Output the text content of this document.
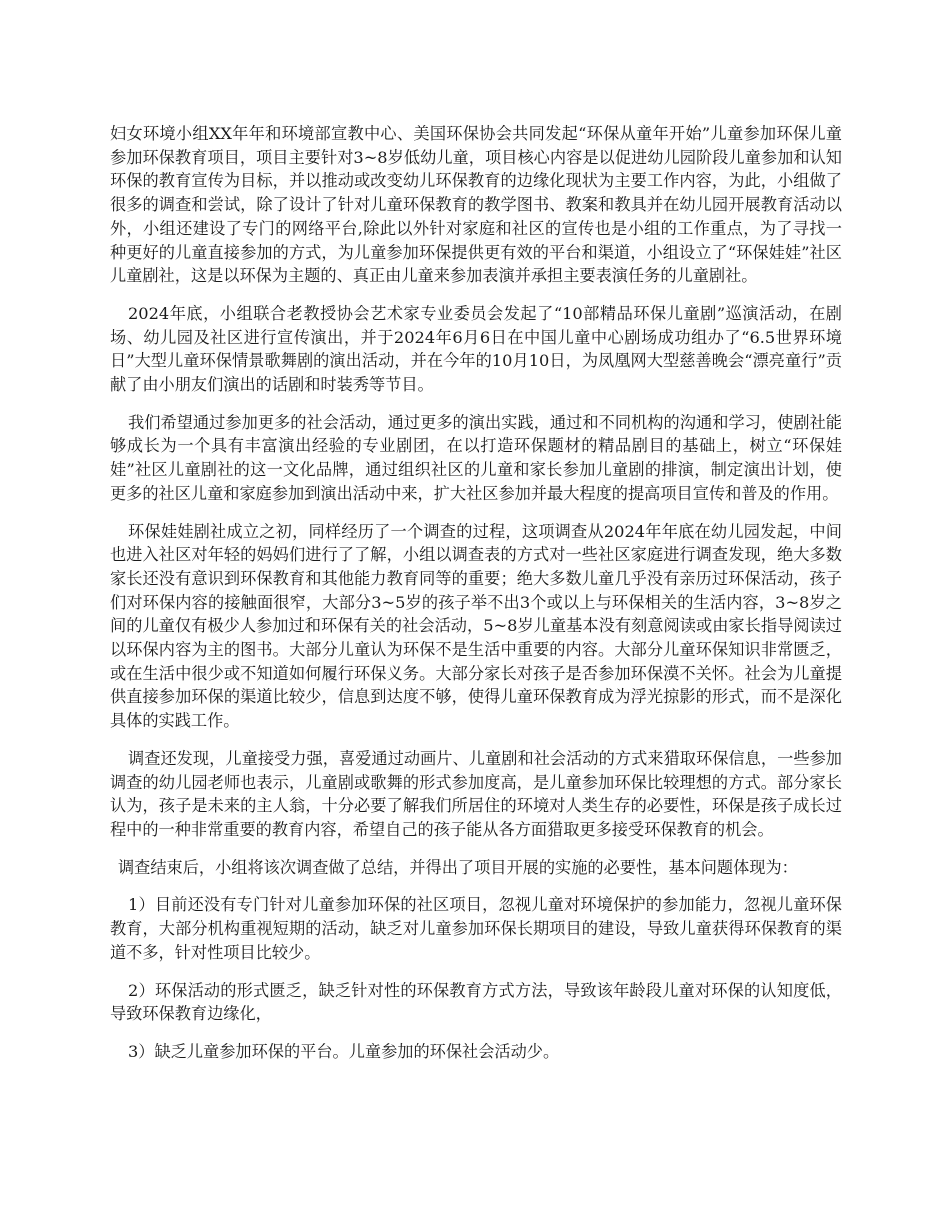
妇女环境小组XX年年和环境部宣教中心、美国环保协会共同发起“环保从童年开始”儿童参加环保儿童参加环保教育项目，项目主要针对3~8岁低幼儿童，项目核心内容是以促进幼儿园阶段儿童参加和认知环保的教育宣传为目标，并以推动或改变幼儿环保教育的边缘化现状为主要工作内容，为此，小组做了很多的调查和尝试，除了设计了针对儿童环保教育的教学图书、教案和教具并在幼儿园开展教育活动以外，小组还建设了专门的网络平台,除此以外针对家庭和社区的宣传也是小组的工作重点，为了寻找一种更好的儿童直接参加的方式，为儿童参加环保提供更有效的平台和渠道，小组设立了“环保娃娃”社区儿童剧社，这是以环保为主题的、真正由儿童来参加表演并承担主要表演任务的儿童剧社。

2024年底，小组联合老教授协会艺术家专业委员会发起了“10部精品环保儿童剧”巡演活动，在剧场、幼儿园及社区进行宣传演出，并于2024年6月6日在中国儿童中心剧场成功组办了“6.5世界环境日”大型儿童环保情景歌舞剧的演出活动，并在今年的10月10日，为凤凰网大型慈善晚会“漂亮童行”贡献了由小朋友们演出的话剧和时装秀等节目。

我们希望通过参加更多的社会活动，通过更多的演出实践，通过和不同机构的沟通和学习，使剧社能够成长为一个具有丰富演出经验的专业剧团，在以打造环保题材的精品剧目的基础上，树立“环保娃娃”社区儿童剧社的这一文化品牌，通过组织社区的儿童和家长参加儿童剧的排演，制定演出计划，使更多的社区儿童和家庭参加到演出活动中来，扩大社区参加并最大程度的提高项目宣传和普及的作用。

环保娃娃剧社成立之初，同样经历了一个调查的过程，这项调查从2024年年底在幼儿园发起，中间也进入社区对年轻的妈妈们进行了了解，小组以调查表的方式对一些社区家庭进行调查发现，绝大多数家长还没有意识到环保教育和其他能力教育同等的重要；绝大多数儿童几乎没有亲历过环保活动，孩子们对环保内容的接触面很窄，大部分3~5岁的孩子举不出3个或以上与环保相关的生活内容，3~8岁之间的儿童仅有极少人参加过和环保有关的社会活动，5~8岁儿童基本没有刻意阅读或由家长指导阅读过以环保内容为主的图书。大部分儿童认为环保不是生活中重要的内容。大部分儿童环保知识非常匮乏，或在生活中很少或不知道如何履行环保义务。大部分家长对孩子是否参加环保漠不关怀。社会为儿童提供直接参加环保的渠道比较少，信息到达度不够，使得儿童环保教育成为浮光掠影的形式，而不是深化具体的实践工作。

调查还发现，儿童接受力强，喜爱通过动画片、儿童剧和社会活动的方式来猎取环保信息，一些参加调查的幼儿园老师也表示，儿童剧或歌舞的形式参加度高，是儿童参加环保比较理想的方式。部分家长认为，孩子是未来的主人翁，十分必要了解我们所居住的环境对人类生存的必要性，环保是孩子成长过程中的一种非常重要的教育内容，希望自己的孩子能从各方面猎取更多接受环保教育的机会。

调查结束后，小组将该次调查做了总结，并得出了项目开展的实施的必要性，基本问题体现为：

1）目前还没有专门针对儿童参加环保的社区项目，忽视儿童对环境保护的参加能力，忽视儿童环保教育，大部分机构重视短期的活动，缺乏对儿童参加环保长期项目的建设，导致儿童获得环保教育的渠道不多，针对性项目比较少。

2）环保活动的形式匮乏，缺乏针对性的环保教育方式方法，导致该年龄段儿童对环保的认知度低，导致环保教育边缘化，

3）缺乏儿童参加环保的平台。儿童参加的环保社会活动少。
